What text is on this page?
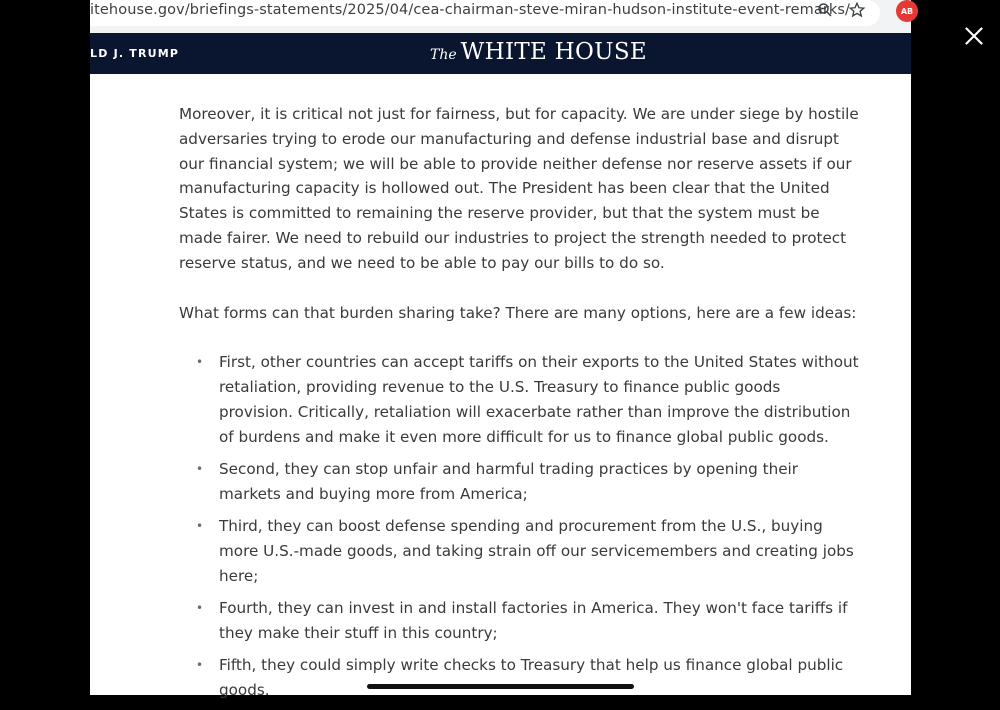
itehouse.gov/briefings-statements/2025/04/cea-chairman-steve-miran-hudson-institute-event-remarks/	AB
LD J. TRUMP	The WHITE HOUSE

Moreover, it is critical not just for fairness, but for capacity. We are under siege by hostile adversaries trying to erode our manufacturing and defense industrial base and disrupt our financial system; we will be able to provide neither defense nor reserve assets if our manufacturing capacity is hollowed out. The President has been clear that the United States is committed to remaining the reserve provider, but that the system must be made fairer. We need to rebuild our industries to project the strength needed to protect reserve status, and we need to be able to pay our bills to do so.

What forms can that burden sharing take? There are many options, here are a few ideas:

• First, other countries can accept tariffs on their exports to the United States without retaliation, providing revenue to the U.S. Treasury to finance public goods provision. Critically, retaliation will exacerbate rather than improve the distribution of burdens and make it even more difficult for us to finance global public goods.
• Second, they can stop unfair and harmful trading practices by opening their markets and buying more from America;
• Third, they can boost defense spending and procurement from the U.S., buying more U.S.-made goods, and taking strain off our servicemembers and creating jobs here;
• Fourth, they can invest in and install factories in America. They won't face tariffs if they make their stuff in this country;
• Fifth, they could simply write checks to Treasury that help us finance global public goods.
